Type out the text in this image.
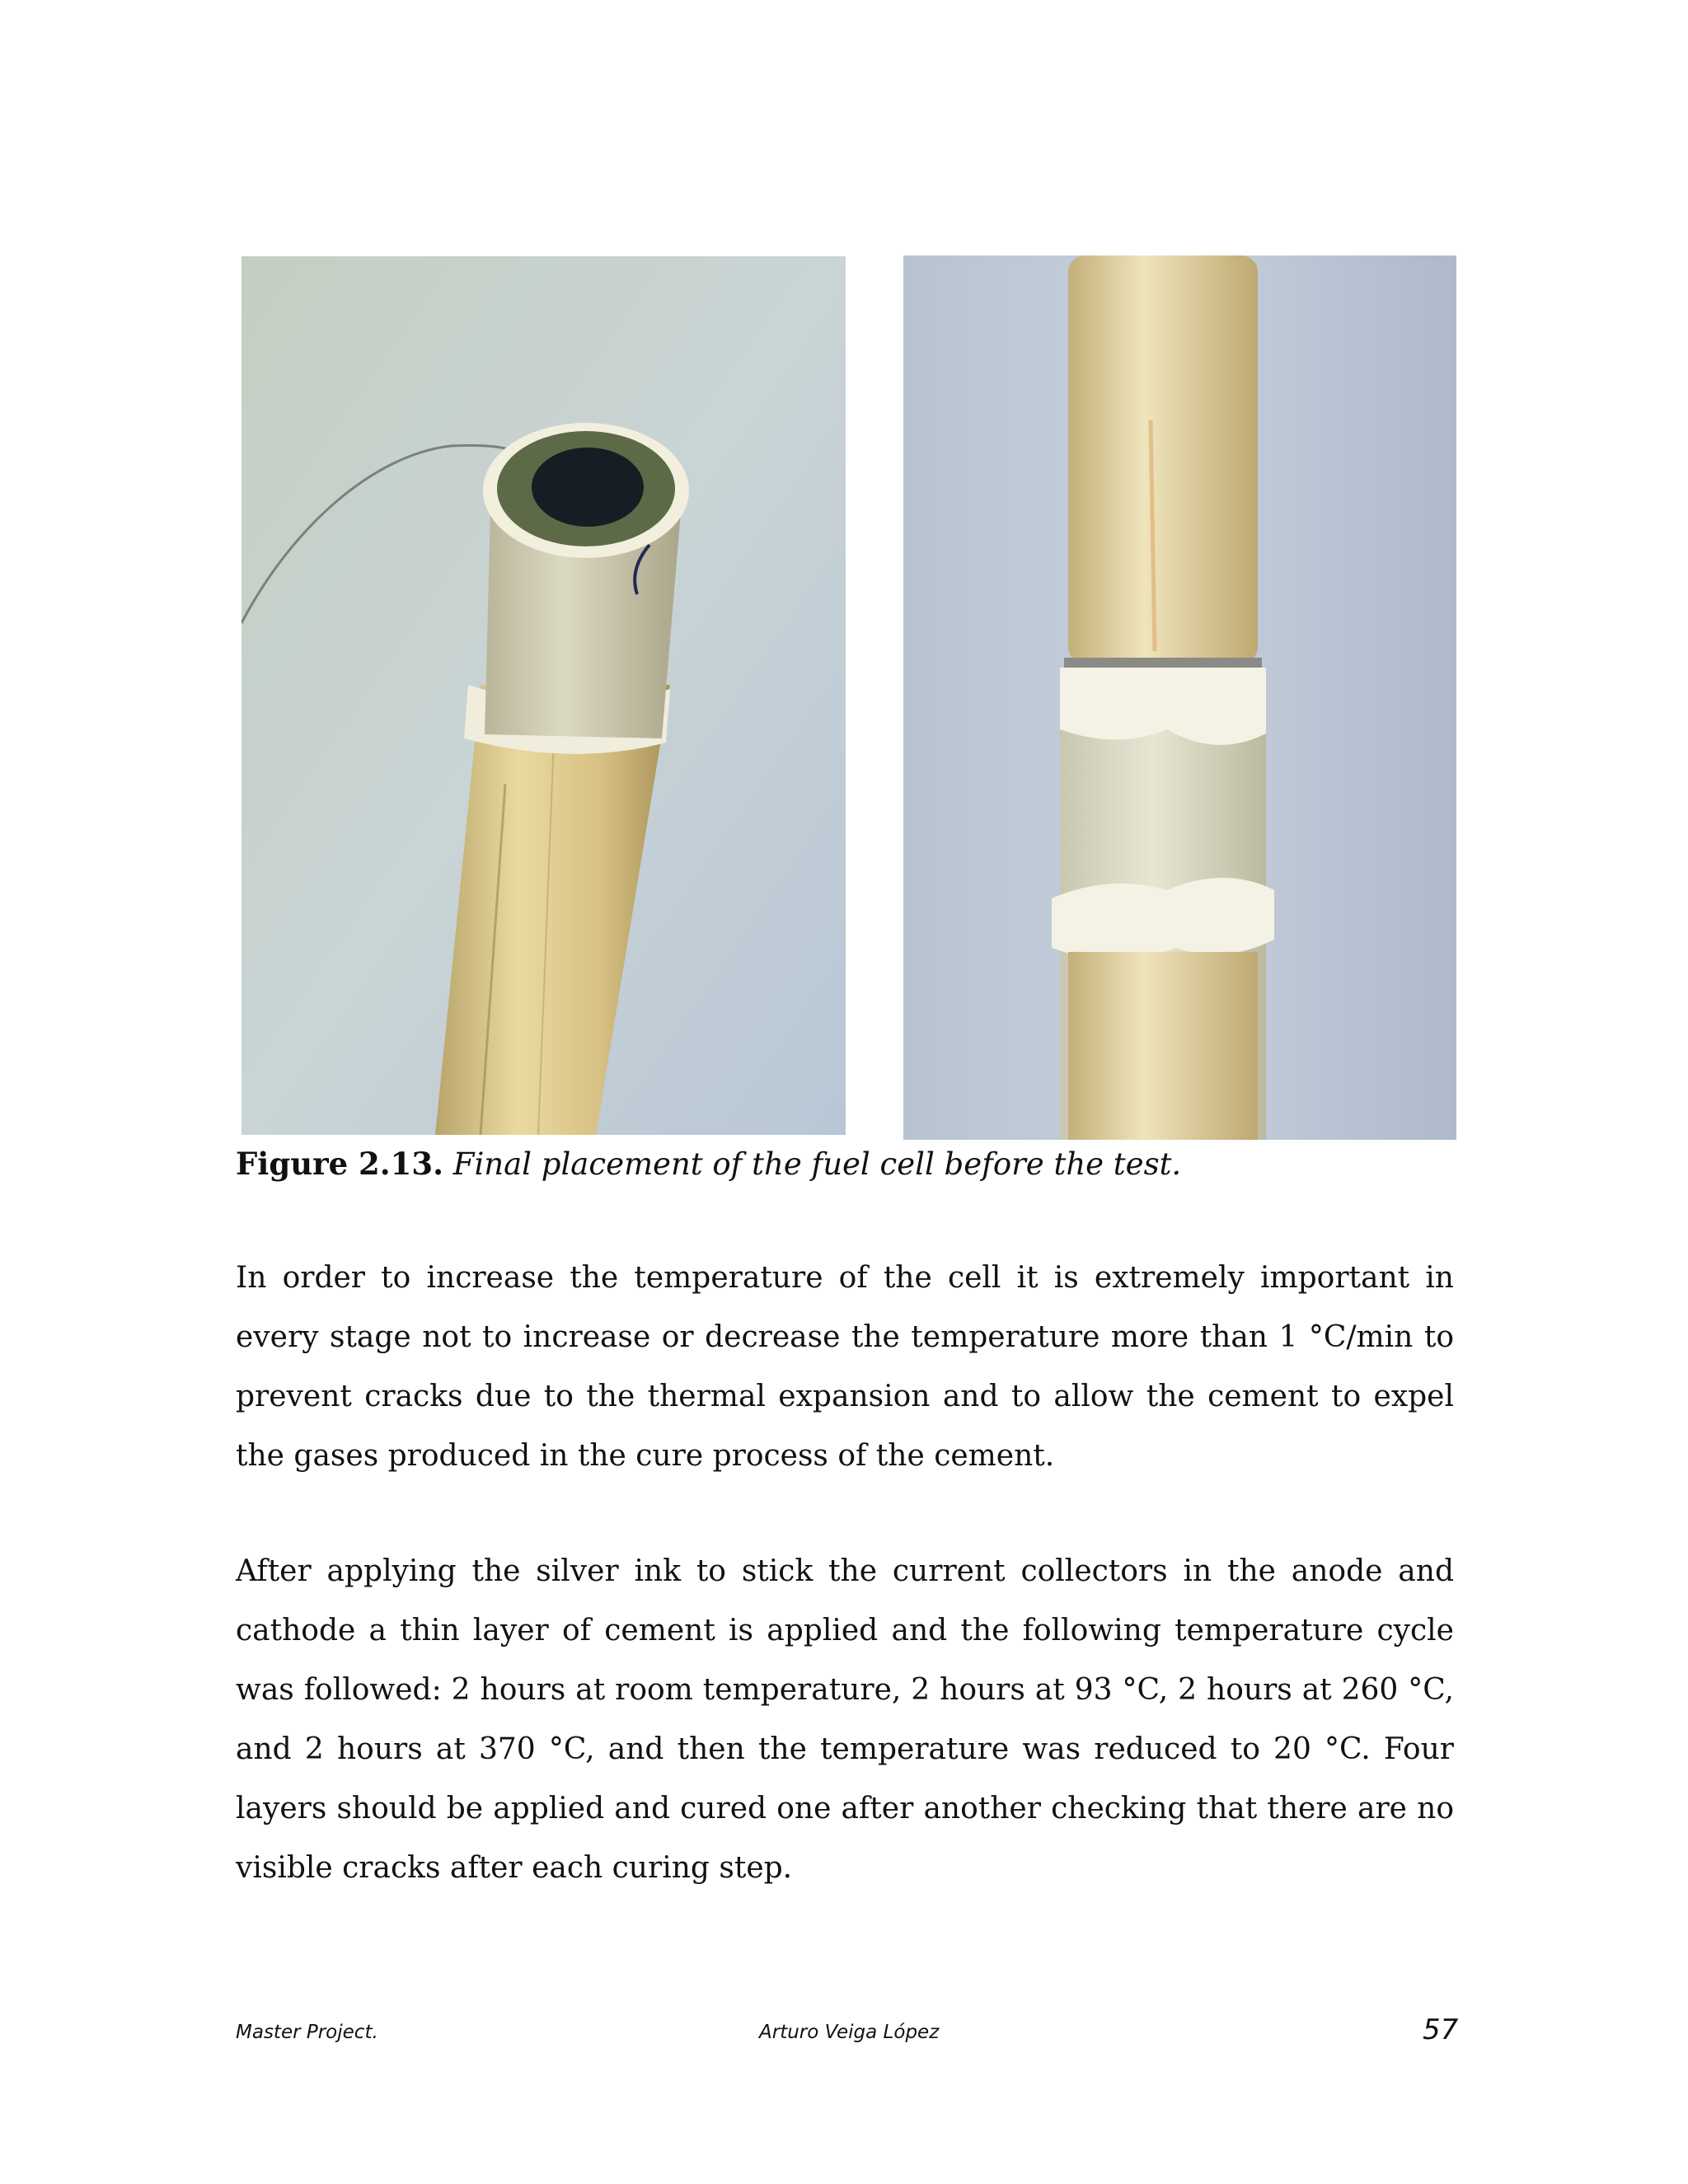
Figure 2.13. Final placement of the fuel cell before the test.

In order to increase the temperature of the cell it is extremely important in every stage not to increase or decrease the temperature more than 1 °C/min to prevent cracks due to the thermal expansion and to allow the cement to expel the gases produced in the cure process of the cement.

After applying the silver ink to stick the current collectors in the anode and cathode a thin layer of cement is applied and the following temperature cycle was followed: 2 hours at room temperature, 2 hours at 93 °C, 2 hours at 260 °C, and 2 hours at 370 °C, and then the temperature was reduced to 20 °C. Four layers should be applied and cured one after another checking that there are no visible cracks after each curing step.

Master Project.	Arturo Veiga López	57
